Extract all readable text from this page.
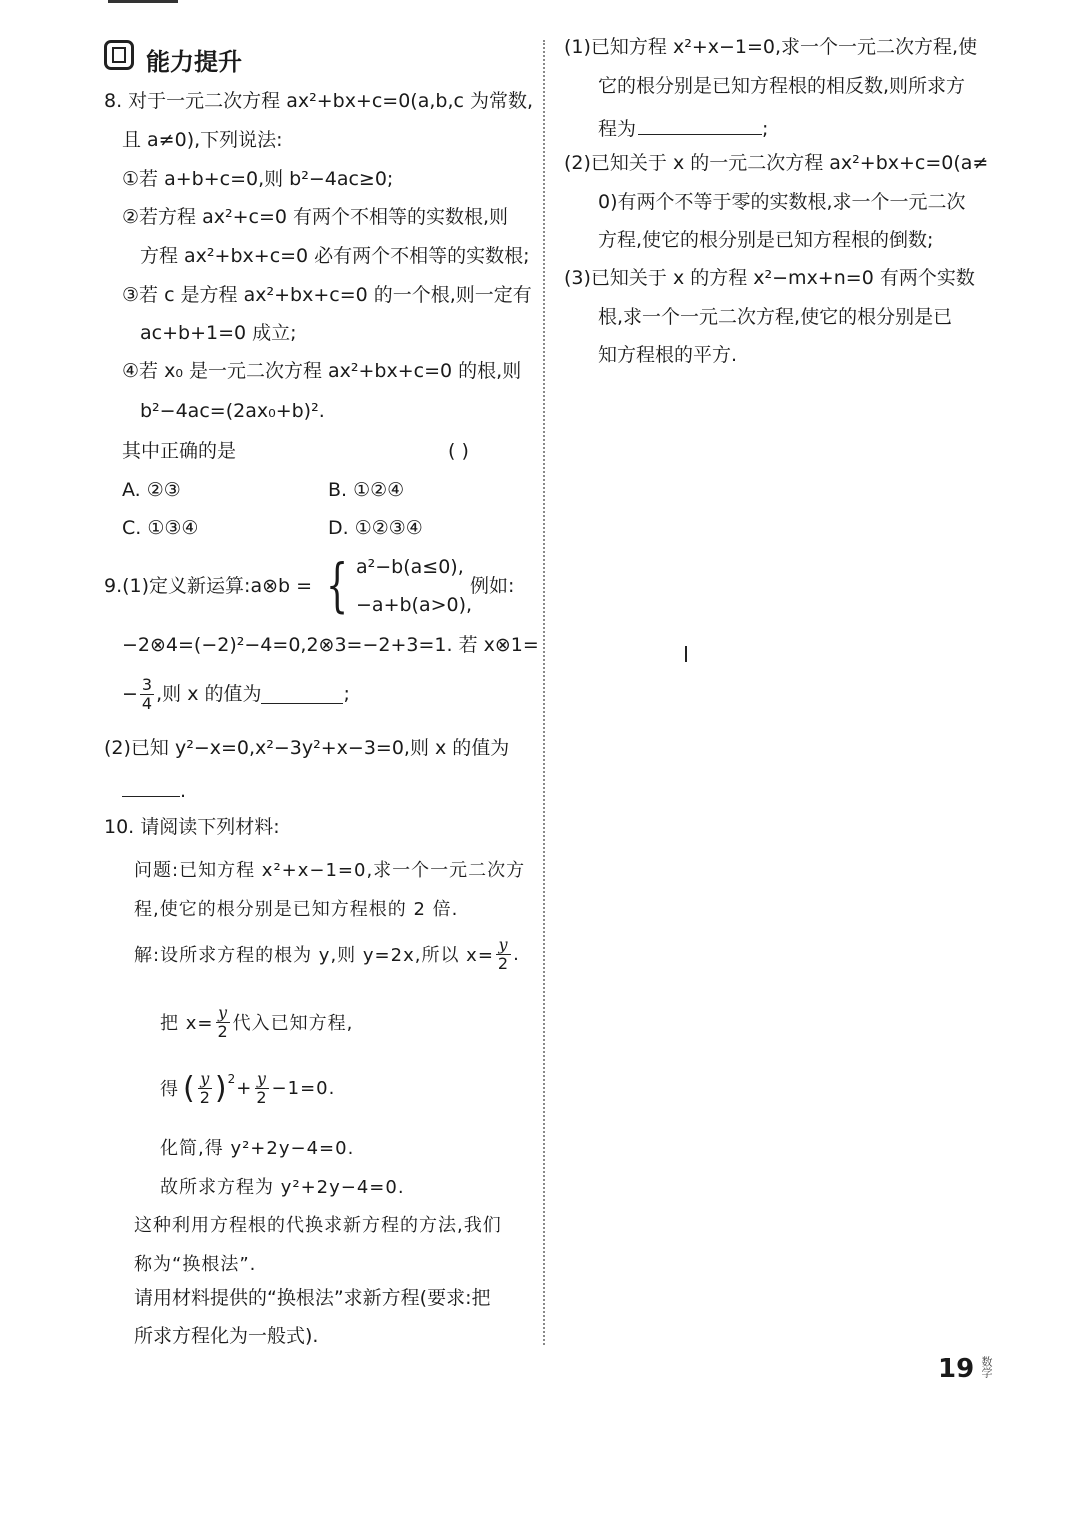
能力提升
8. 对于一元二次方程 ax²+bx+c=0(a,b,c 为常数,
且 a≠0),下列说法:
①若 a+b+c=0,则 b²−4ac≥0;
②若方程 ax²+c=0 有两个不相等的实数根,则
方程 ax²+bx+c=0 必有两个不相等的实数根;
③若 c 是方程 ax²+bx+c=0 的一个根,则一定有
ac+b+1=0 成立;
④若 x₀ 是一元二次方程 ax²+bx+c=0 的根,则
b²−4ac=(2ax₀+b)².
其中正确的是	( )
A. ②③	B. ①②④
C. ①③④	D. ①②③④
9.(1)定义新运算:a⊗b = { a²−b(a≤0),
−a+b(a>0),
例如:
−2⊗4=(−2)²−4=0,2⊗3=−2+3=1. 若 x⊗1=
− $\frac{3}{4}$ ,则 x 的值为	;
(2)已知 y²−x=0,x²−3y²+x−3=0,则 x 的值为
.
10. 请阅读下列材料:
问题:已知方程 x²+x−1=0,求一个一元二次方
程,使它的根分别是已知方程根的 2 倍.
解:设所求方程的根为 y,则 y=2x,所以 $x= \frac{y}{2}$ .
把 $x= \frac{y}{2}$ 代入已知方程,
得 ( $\frac{y}{2} )^2 + \frac{y}{2} -1=0$.
化简,得 y²+2y−4=0.
故所求方程为 y²+2y−4=0.
这种利用方程根的代换求新方程的方法,我们
称为“换根法”.
请用材料提供的“换根法”求新方程(要求:把
所求方程化为一般式).
(1)已知方程 x²+x−1=0,求一个一元二次方程,使
它的根分别是已知方程根的相反数,则所求方
程为	;
(2)已知关于 x 的一元二次方程 ax²+bx+c=0(a≠
0)有两个不等于零的实数根,求一个一元二次
方程,使它的根分别是已知方程根的倒数;
(3)已知关于 x 的方程 x²−mx+n=0 有两个实数
根,求一个一元二次方程,使它的根分别是已
知方程根的平方.
19 数学
